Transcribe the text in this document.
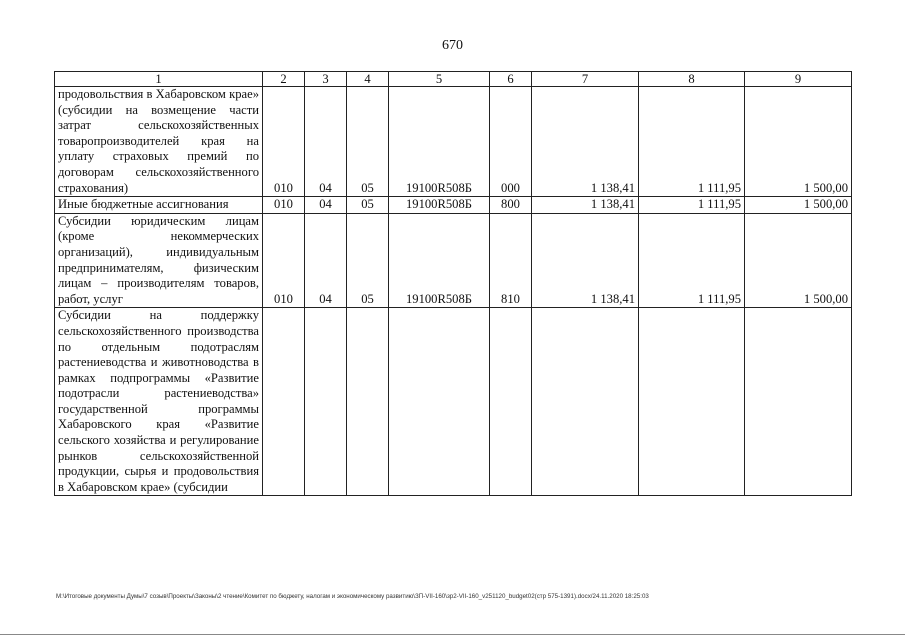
670
1	2	3	4	5	6	7	8	9
продовольствия в Хабаровском крае» (субсидии на возмещение части затрат сельскохозяйственных товаропроизводителей края на уплату страховых премий по договорам сельскохозяйственного страхования)	010	04	05	19100R508Б	000	1 138,41	1 111,95	1 500,00
Иные бюджетные ассигнования	010	04	05	19100R508Б	800	1 138,41	1 111,95	1 500,00
Субсидии юридическим лицам (кроме некоммерческих организаций), индивидуальным предпринимателям, физическим лицам – производителям товаров, работ, услуг	010	04	05	19100R508Б	810	1 138,41	1 111,95	1 500,00
Субсидии на поддержку сельскохозяйственного производства по отдельным подотраслям растениеводства и животноводства в рамках подпрограммы «Развитие подотрасли растениеводства» государственной программы Хабаровского края «Развитие сельского хозяйства и регулирование рынков сельскохозяйственной продукции, сырья и продовольствия в Хабаровском крае» (субсидии								
M:\Итоговые документы Думы\7 созыв\Проекты\Законы\2 чтение\Комитет по бюджету, налогам и экономическому развитию\ЗП-VII-160\зр2-VII-160_v251120_budget02(стр 575-1391).docx/24.11.2020 18:25:03
